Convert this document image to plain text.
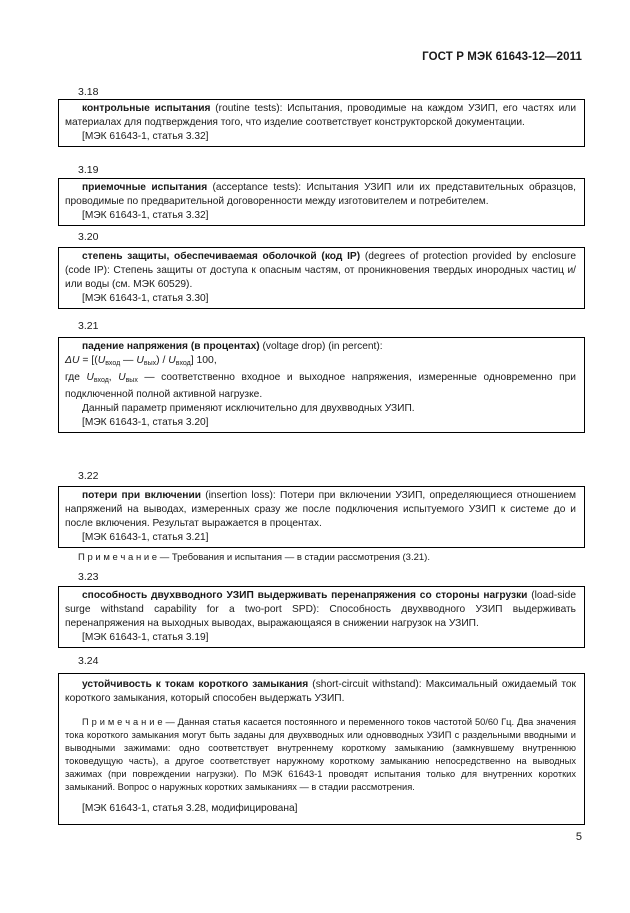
ГОСТ Р МЭК 61643-12—2011
3.18

контрольные испытания (routine tests): Испытания, проводимые на каждом УЗИП, его частях или материалах для подтверждения того, что изделие соответствует конструкторской документации.

[МЭК 61643-1, статья 3.32]

3.19

приемочные испытания (acceptance tests): Испытания УЗИП или их представительных образцов, проводимые по предварительной договоренности между изготовителем и потребителем.

[МЭК 61643-1, статья 3.32]

3.20

степень защиты, обеспечиваемая оболочкой (код IP) (degrees of protection provided by enclosure (code IP): Степень защиты от доступа к опасным частям, от проникновения твердых инородных частиц и/или воды (см. МЭК 60529).

[МЭК 61643-1, статья 3.30]

3.21

падение напряжения (в процентах) (voltage drop) (in percent):

$\Delta U = [(U_{вход}$ — $U_{вых}) / U_{вход}$] 100,

где $U_{вход}$, $U_{вых}$ — соответственно входное и выходное напряжения, измеренные одновременно при подключенной полной активной нагрузке.

Данный параметр применяют исключительно для двухвводных УЗИП.

[МЭК 61643-1, статья 3.20]

3.22

потери при включении (insertion loss): Потери при включении УЗИП, определяющиеся отношением напряжений на выводах, измеренных сразу же после подключения испытуемого УЗИП к системе до и после включения. Результат выражается в процентах.

[МЭК 61643-1, статья 3.21]

П р и м е ч а н и е — Требования и испытания — в стадии рассмотрения (3.21).
3.23

способность двухвводного УЗИП выдерживать перенапряжения со стороны нагрузки (load-side surge withstand capability for a two-port SPD): Способность двухвводного УЗИП выдерживать перенапряжения на выходных выводах, выражающаяся в снижении нагрузок на УЗИП.

[МЭК 61643-1, статья 3.19]

3.24

устойчивость к токам короткого замыкания (short-circuit withstand): Максимальный ожидаемый ток короткого замыкания, который способен выдержать УЗИП.

П р и м е ч а н и е — Данная статья касается постоянного и переменного токов частотой 50/60 Гц. Два значения тока короткого замыкания могут быть заданы для двухвводных или одновводных УЗИП с раздельными вводными и выводными зажимами: одно соответствует внутреннему короткому замыканию (замкнувшему внутреннюю токоведущую часть), а другое соответствует наружному короткому замыканию непосредственно на выводных зажимах (при повреждении нагрузки). По МЭК 61643-1 проводят испытания только для внутренних коротких замыканий. Вопрос о наружных коротких замыканиях — в стадии рассмотрения.

[МЭК 61643-1, статья 3.28, модифицирована]

5
